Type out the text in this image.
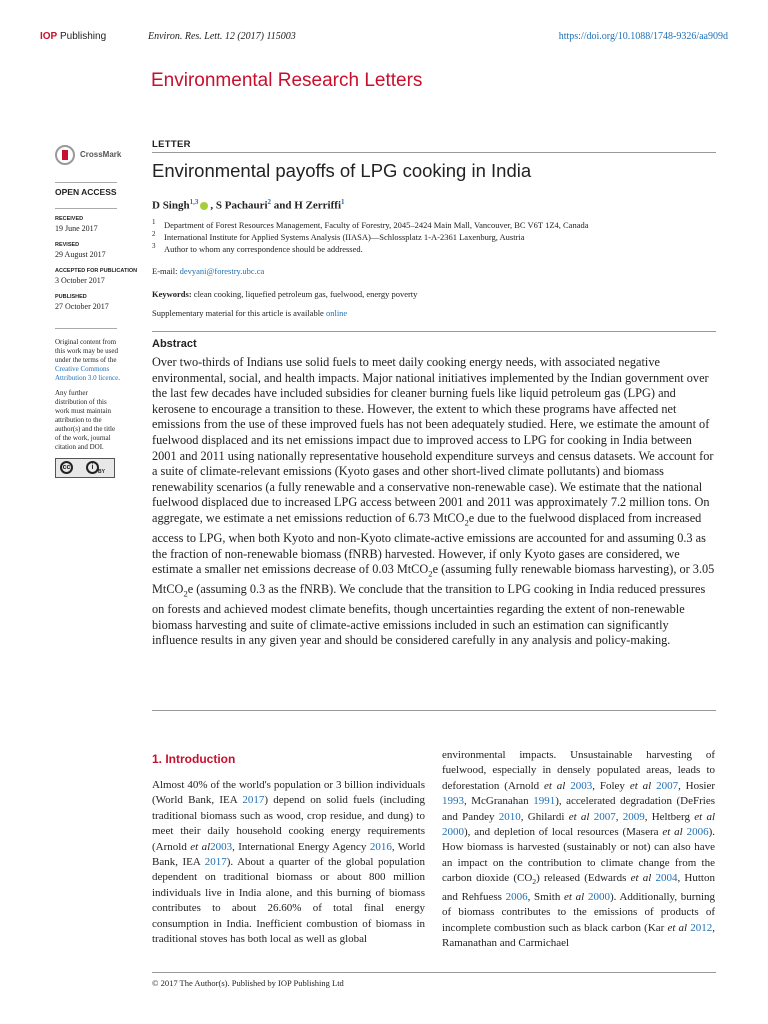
IOP Publishing	Environ. Res. Lett. 12 (2017) 115003	https://doi.org/10.1088/1748-9326/aa909d
Environmental Research Letters
CrossMark
OPEN ACCESS
RECEIVED
19 June 2017
REVISED
29 August 2017
ACCEPTED FOR PUBLICATION
3 October 2017
PUBLISHED
27 October 2017
Original content from this work may be used under the terms of the Creative Commons Attribution 3.0 licence.
Any further distribution of this work must maintain attribution to the author(s) and the title of the work, journal citation and DOI.
cc	i
BY
LETTER
Environmental payoffs of LPG cooking in India
D Singh$^{1,3}$ , S Pachauri$^2$ and H Zerriffi$^1$
1 Department of Forest Resources Management, Faculty of Forestry, 2045–2424 Main Mall, Vancouver, BC V6T 1Z4, Canada
2 International Institute for Applied Systems Analysis (IIASA)—Schlossplatz 1-A-2361 Laxenburg, Austria
3 Author to whom any correspondence should be addressed.
E-mail: devyani@forestry.ubc.ca
Keywords: clean cooking, liquefied petroleum gas, fuelwood, energy poverty
Supplementary material for this article is available online
Abstract
Over two-thirds of Indians use solid fuels to meet daily cooking energy needs, with associated negative environmental, social, and health impacts. Major national initiatives implemented by the Indian government over the last few decades have included subsidies for cleaner burning fuels like liquid petroleum gas (LPG) and kerosene to encourage a transition to these. However, the extent to which these programs have affected net emissions from the use of these improved fuels has not been adequately studied. Here, we estimate the amount of fuelwood displaced and its net emissions impact due to improved access to LPG for cooking in India between 2001 and 2011 using nationally representative household expenditure surveys and census datasets. We account for a suite of climate-relevant emissions (Kyoto gases and other short-lived climate pollutants) and biomass renewability scenarios (a fully renewable and a conservative non-renewable case). We estimate that the national fuelwood displaced due to increased LPG access between 2001 and 2011 was approximately 7.2 million tons. On aggregate, we estimate a net emissions reduction of 6.73 MtCO$_2$e due to the fuelwood displaced from increased access to LPG, when both Kyoto and non-Kyoto climate-active emissions are accounted for and assuming 0.3 as the fraction of non-renewable biomass (fNRB) harvested. However, if only Kyoto gases are considered, we estimate a smaller net emissions decrease of 0.03 MtCO$_2$e (assuming fully renewable biomass harvesting), or 3.05 MtCO$_2$e (assuming 0.3 as the fNRB). We conclude that the transition to LPG cooking in India reduced pressures on forests and achieved modest climate benefits, though uncertainties regarding the extent of non-renewable biomass harvesting and suite of climate-active emissions included in such an estimation can significantly influence results in any given year and should be considered carefully in any analysis and policy-making.
1. Introduction
Almost 40% of the world's population or 3 billion individuals (World Bank, IEA 2017) depend on solid fuels (including traditional biomass such as wood, crop residue, and dung) to meet their daily household cooking energy requirements (Arnold et al2003, International Energy Agency 2016, World Bank, IEA 2017). About a quarter of the global population dependent on traditional biomass or about 800 million individuals live in India alone, and this burning of biomass contributes to about 26.60% of total final energy consumption in India. Inefficient combustion of biomass in traditional stoves has both local as well as global
environmental impacts. Unsustainable harvesting of fuelwood, especially in densely populated areas, leads to deforestation (Arnold et al 2003, Foley et al 2007, Hosier 1993, McGranahan 1991), accelerated degradation (DeFries and Pandey 2010, Ghilardi et al 2007, 2009, Heltberg et al 2000), and depletion of local resources (Masera et al 2006). How biomass is harvested (sustainably or not) can also have an impact on the contribution to climate change from the carbon dioxide $(CO_2)$ released (Edwards et al 2004, Hutton and Rehfuess 2006, Smith et al 2000). Additionally, burning of biomass contributes to the emissions of products of incomplete combustion such as black carbon (Kar et al 2012, Ramanathan and Carmichael
© 2017 The Author(s). Published by IOP Publishing Ltd
